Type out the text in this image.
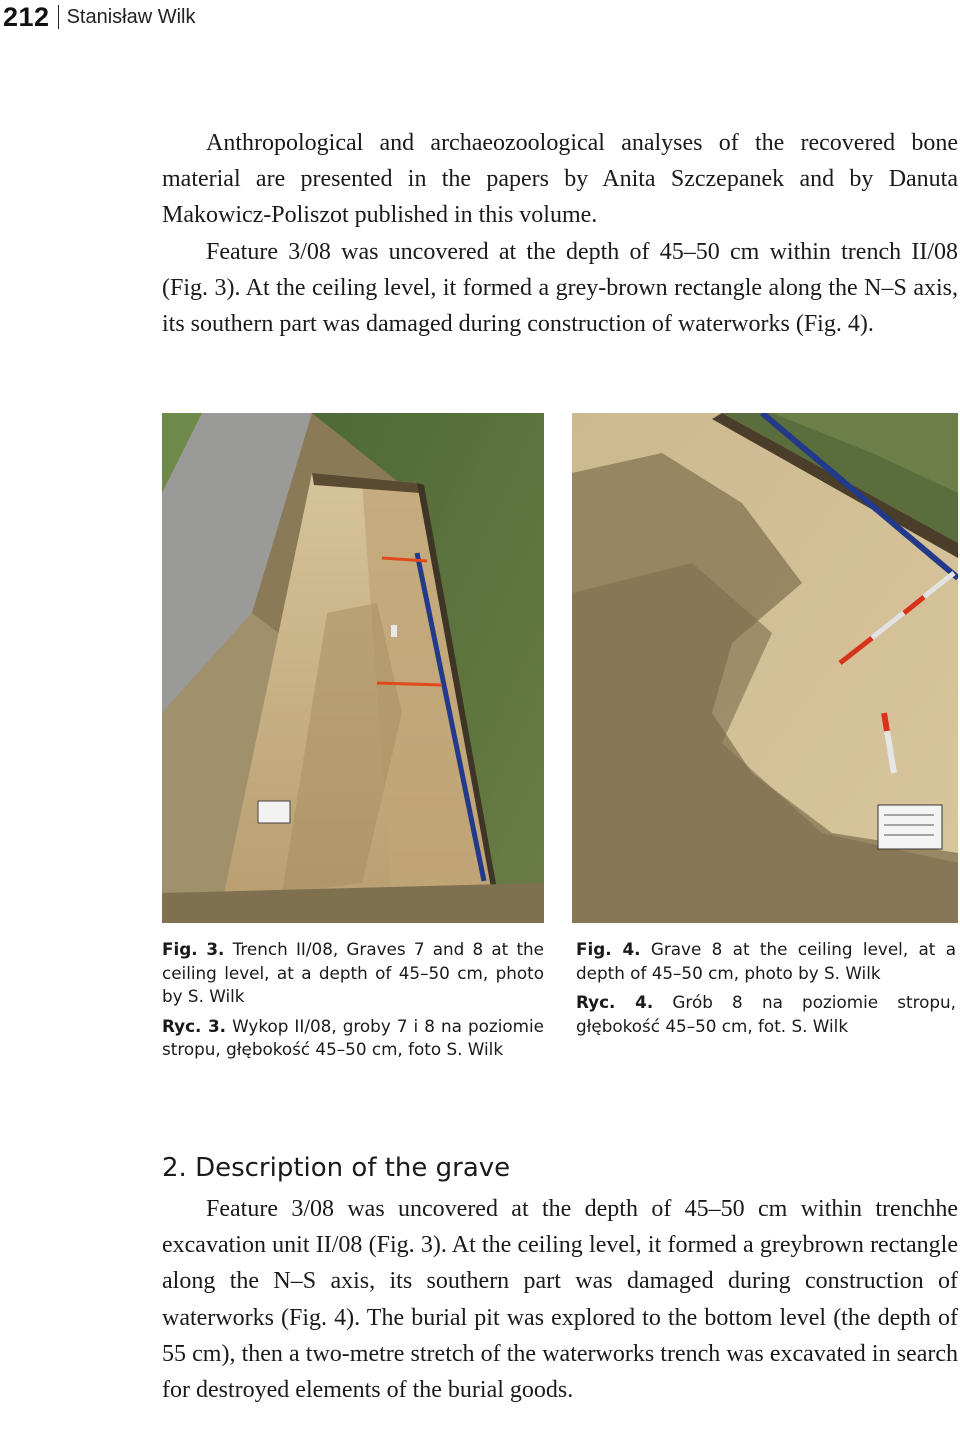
212 Stanisław Wilk

Anthropological and archaeozoological analyses of the recovered bone material are presented in the papers by Anita Szczepanek and by Danuta Makowicz-Poliszot published in this volume.

Feature 3/08 was uncovered at the depth of 45–50 cm within trench II/08 (Fig. 3). At the ceiling level, it formed a grey-brown rectangle along the N–S axis, its southern part was damaged during construction of waterworks (Fig. 4).

Fig. 3. Trench II/08, Graves 7 and 8 at the ceiling level, at a depth of 45–50 cm, photo by S. Wilk

Ryc. 3. Wykop II/08, groby 7 i 8 na poziomie stropu, głębokość 45–50 cm, foto S. Wilk

Fig. 4. Grave 8 at the ceiling level, at a depth of 45–50 cm, photo by S. Wilk

Ryc. 4. Grób 8 na poziomie stropu, głębokość 45–50 cm, fot. S. Wilk

2. Description of the grave

Feature 3/08 was uncovered at the depth of 45–50 cm within trenchhe excavation unit II/08 (Fig. 3). At the ceiling level, it formed a greybrown rectangle along the N–S axis, its southern part was damaged during construction of waterworks (Fig. 4). The burial pit was explored to the bottom level (the depth of 55 cm), then a two-metre stretch of the waterworks trench was excavated in search for destroyed elements of the burial goods.
